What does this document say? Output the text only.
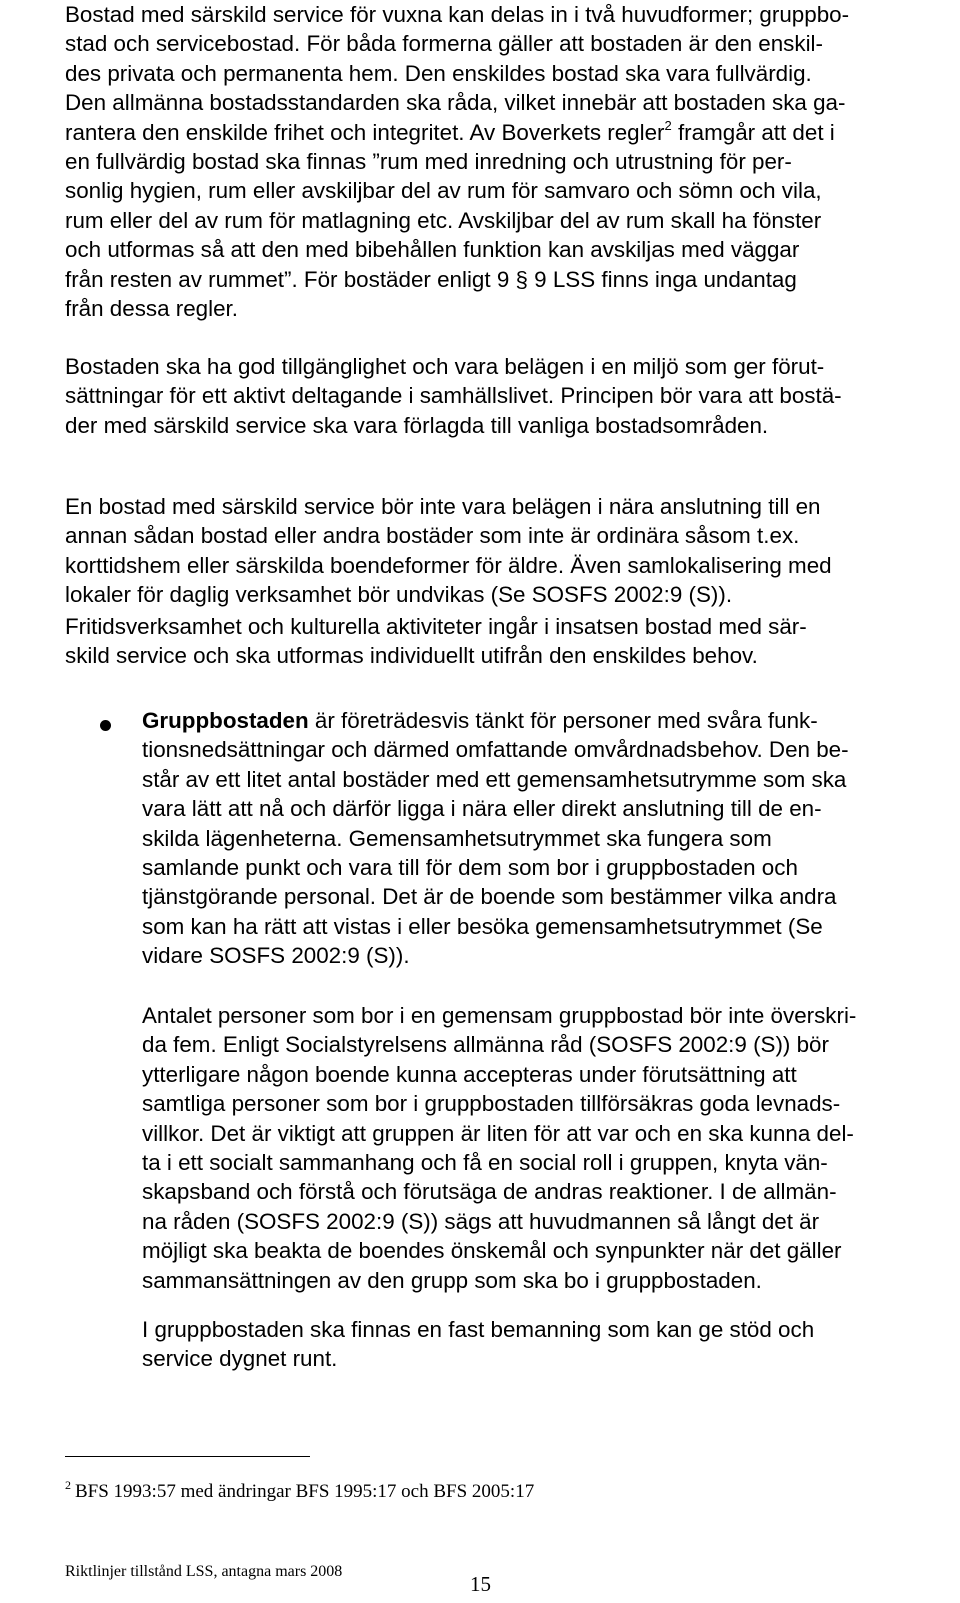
Bostad med särskild service för vuxna kan delas in i två huvudformer; gruppbo-
stad och servicebostad. För båda formerna gäller att bostaden är den enskil-
des privata och permanenta hem. Den enskildes bostad ska vara fullvärdig.
Den allmänna bostadsstandarden ska råda, vilket innebär att bostaden ska ga-
rantera den enskilde frihet och integritet. Av Boverkets regler$^2$ framgår att det i
en fullvärdig bostad ska finnas ”rum med inredning och utrustning för per-
sonlig hygien, rum eller avskiljbar del av rum för samvaro och sömn och vila,
rum eller del av rum för matlagning etc. Avskiljbar del av rum skall ha fönster
och utformas så att den med bibehållen funktion kan avskiljas med väggar
från resten av rummet”. För bostäder enligt 9 § 9 LSS finns inga undantag
från dessa regler.
Bostaden ska ha god tillgänglighet och vara belägen i en miljö som ger förut-
sättningar för ett aktivt deltagande i samhällslivet. Principen bör vara att bostä-
der med särskild service ska vara förlagda till vanliga bostadsområden.
En bostad med särskild service bör inte vara belägen i nära anslutning till en
annan sådan bostad eller andra bostäder som inte är ordinära såsom t.ex.
korttidshem eller särskilda boendeformer för äldre. Även samlokalisering med
lokaler för daglig verksamhet bör undvikas (Se SOSFS 2002:9 (S)).
Fritidsverksamhet och kulturella aktiviteter ingår i insatsen bostad med sär-
skild service och ska utformas individuellt utifrån den enskildes behov.
Gruppbostaden är företrädesvis tänkt för personer med svåra funk-
tionsnedsättningar och därmed omfattande omvårdnadsbehov. Den be-
står av ett litet antal bostäder med ett gemensamhetsutrymme som ska
vara lätt att nå och därför ligga i nära eller direkt anslutning till de en-
skilda lägenheterna. Gemensamhetsutrymmet ska fungera som
samlande punkt och vara till för dem som bor i gruppbostaden och
tjänstgörande personal. Det är de boende som bestämmer vilka andra
som kan ha rätt att vistas i eller besöka gemensamhetsutrymmet (Se
vidare SOSFS 2002:9 (S)).
Antalet personer som bor i en gemensam gruppbostad bör inte överskri-
da fem. Enligt Socialstyrelsens allmänna råd (SOSFS 2002:9 (S)) bör
ytterligare någon boende kunna accepteras under förutsättning att
samtliga personer som bor i gruppbostaden tillförsäkras goda levnads-
villkor. Det är viktigt att gruppen är liten för att var och en ska kunna del-
ta i ett socialt sammanhang och få en social roll i gruppen, knyta vän-
skapsband och förstå och förutsäga de andras reaktioner. I de allmän-
na råden (SOSFS 2002:9 (S)) sägs att huvudmannen så långt det är
möjligt ska beakta de boendes önskemål och synpunkter när det gäller
sammansättningen av den grupp som ska bo i gruppbostaden.
I gruppbostaden ska finnas en fast bemanning som kan ge stöd och
service dygnet runt.
$^2$ BFS 1993:57 med ändringar BFS 1995:17 och BFS 2005:17
Riktlinjer tillstånd LSS, antagna mars 2008
15
